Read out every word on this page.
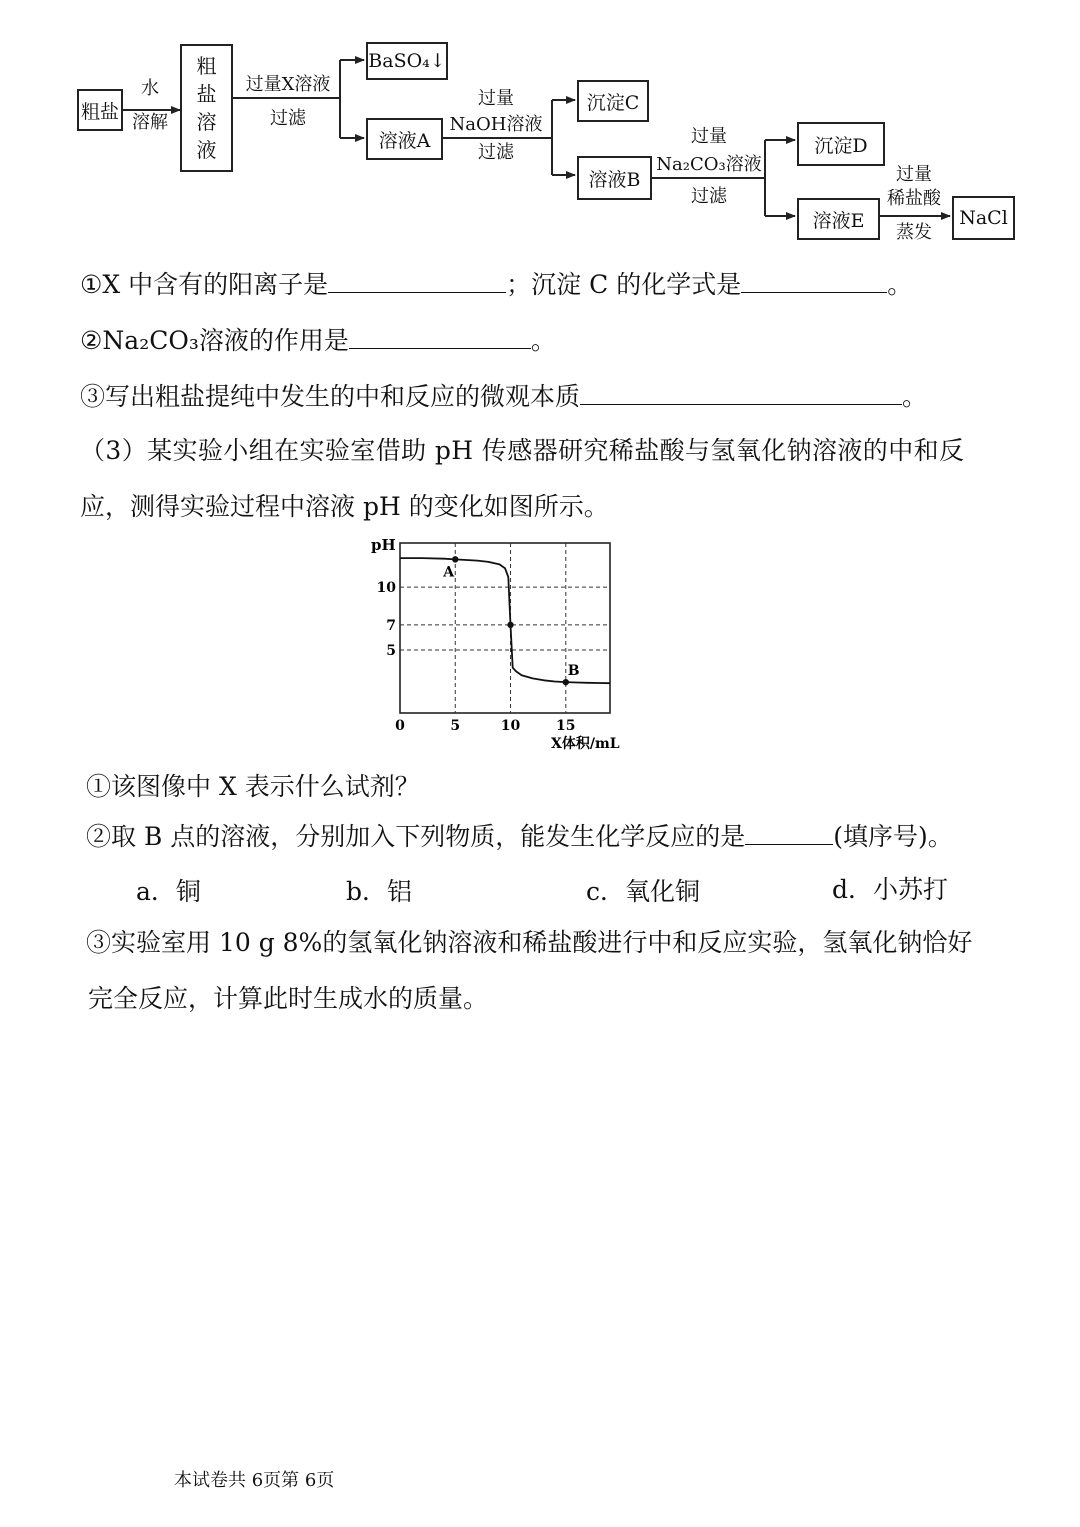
粗盐
水
溶解
粗
盐
溶
液
过量X溶液
过滤
BaSO₄↓
溶液A
过量
NaOH溶液
过滤
沉淀C
溶液B
过量
Na₂CO₃溶液
过滤
沉淀D
溶液E
过量
稀盐酸
蒸发
NaCl
①X 中含有的阳离子是	；沉淀 C 的化学式是	。
②Na₂CO₃溶液的作用是	。
③写出粗盐提纯中发生的中和反应的微观本质	。
（3）某实验小组在实验室借助 pH 传感器研究稀盐酸与氢氧化钠溶液的中和反
应，测得实验过程中溶液 pH 的变化如图所示。
pH
X体积/mL
0	5	10	15
5
7
10
A
B
①该图像中 X 表示什么试剂？
②取 B 点的溶液，分别加入下列物质，能发生化学反应的是	(填序号)。
a．铜	b．铝	c．氧化铜	d．小苏打
③实验室用 10 g 8%的氢氧化钠溶液和稀盐酸进行中和反应实验，氢氧化钠恰好
完全反应，计算此时生成水的质量。
本试卷共 6页第 6页
